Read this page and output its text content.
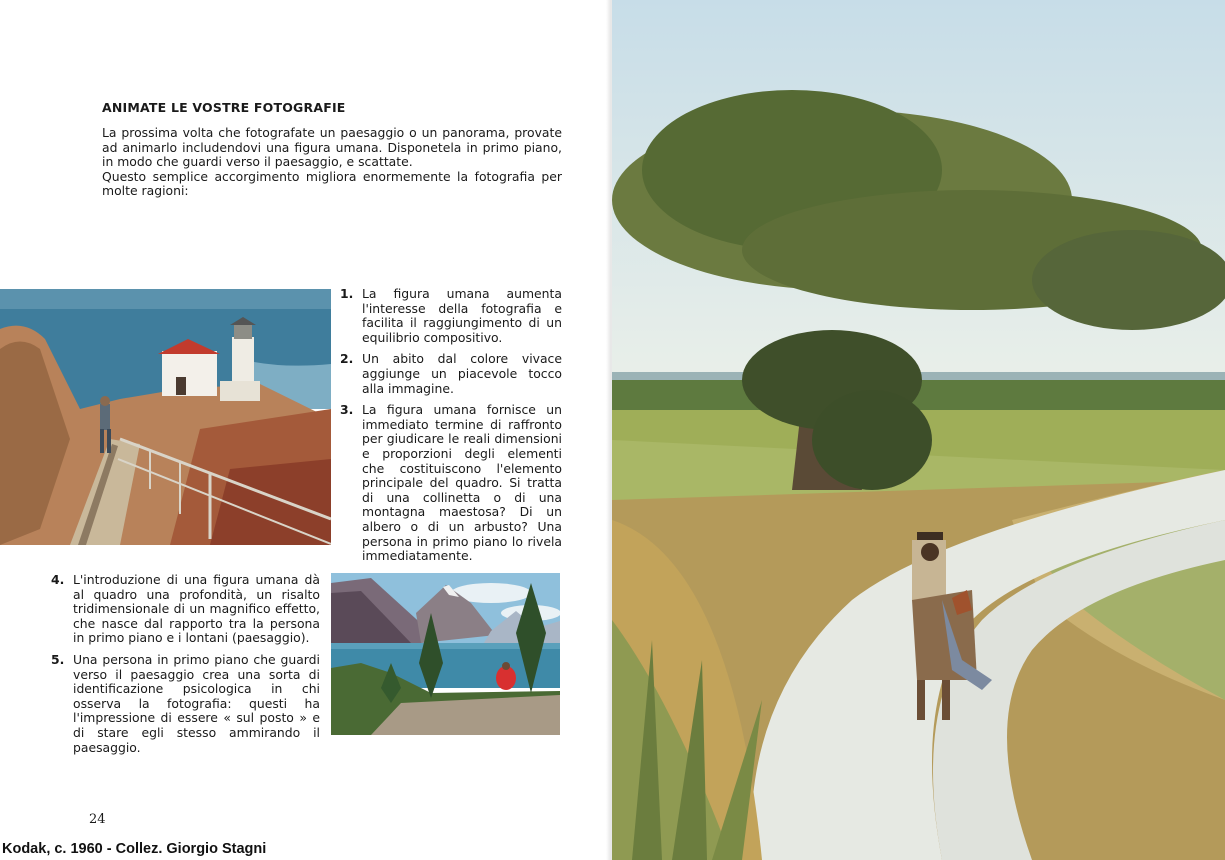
ANIMATE LE VOSTRE FOTOGRAFIE

La prossima volta che fotografate un paesaggio o un panorama, provate ad animarlo includendovi una figura umana. Disponetela in primo piano, in modo che guardi verso il paesaggio, e scattate.

Questo semplice accorgimento migliora enormemente la fotografia per molte ragioni:

1. La figura umana aumenta l'interesse della fotografia e facilita il raggiungimento di un equilibrio compositivo.
2. Un abito dal colore vivace aggiunge un piacevole tocco alla immagine.
3. La figura umana fornisce un immediato termine di raffronto per giudicare le reali dimensioni e proporzioni degli elementi che costituiscono l'elemento principale del quadro. Si tratta di una collinetta o di una montagna maestosa? Di un albero o di un arbusto? Una persona in primo piano lo rivela immediatamente.
4. L'introduzione di una figura umana dà al quadro una profondità, un risalto tridimensionale di un magnifico effetto, che nasce dal rapporto tra la persona in primo piano e i lontani (paesaggio).
5. Una persona in primo piano che guardi verso il paesaggio crea una sorta di identificazione psicologica in chi osserva la fotografia: questi ha l'impressione di essere « sul posto » e di stare egli stesso ammirando il paesaggio.
24
Kodak, c. 1960 - Collez. Giorgio Stagni
